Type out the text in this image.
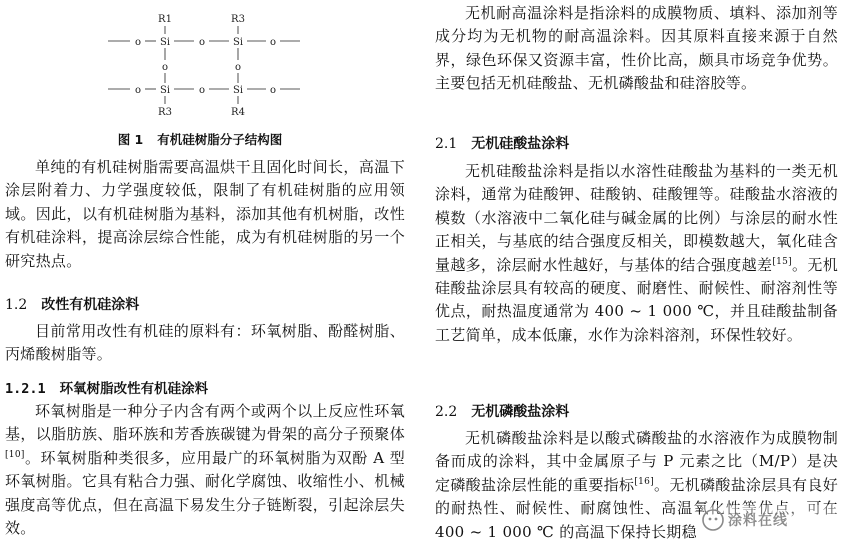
R1	R3
o Si	o	Si	o
o	o
o Si	o	Si	o
R3	R4
图 1 有机硅树脂分子结构图

单纯的有机硅树脂需要高温烘干且固化时间长，高温下涂层附着力、力学强度较低，限制了有机硅树脂的应用领域。因此，以有机硅树脂为基料，添加其他有机树脂，改性有机硅涂料，提高涂层综合性能，成为有机硅树脂的另一个研究热点。

1.2 改性有机硅涂料

目前常用改性有机硅的原料有：环氧树脂、酚醛树脂、丙烯酸树脂等。

1.2.1 环氧树脂改性有机硅涂料

环氧树脂是一种分子内含有两个或两个以上反应性环氧基，以脂肪族、脂环族和芳香族碳键为骨架的高分子预聚体[10]。环氧树脂种类很多，应用最广的环氧树脂为双酚 A 型环氧树脂。它具有粘合力强、耐化学腐蚀、收缩性小、机械强度高等优点，但在高温下易发生分子链断裂，引起涂层失效。

无机耐高温涂料是指涂料的成膜物质、填料、添加剂等成分均为无机物的耐高温涂料。因其原料直接来源于自然界，绿色环保又资源丰富，性价比高，颇具市场竞争优势。主要包括无机硅酸盐、无机磷酸盐和硅溶胶等。

2.1 无机硅酸盐涂料

无机硅酸盐涂料是指以水溶性硅酸盐为基料的一类无机涂料，通常为硅酸钾、硅酸钠、硅酸锂等。硅酸盐水溶液的模数（水溶液中二氧化硅与碱金属的比例）与涂层的耐水性正相关，与基底的结合强度反相关，即模数越大，氧化硅含量越多，涂层耐水性越好，与基体的结合强度越差[15]。无机硅酸盐涂层具有较高的硬度、耐磨性、耐候性、耐溶剂性等优点，耐热温度通常为 400 ~ 1 000 ℃，并且硅酸盐制备工艺简单，成本低廉，水作为涂料溶剂，环保性较好。

2.2 无机磷酸盐涂料

无机磷酸盐涂料是以酸式磷酸盐的水溶液作为成膜物制备而成的涂料，其中金属原子与 P 元素之比（M/P）是决定磷酸盐涂层性能的重要指标[16]。无机磷酸盐涂层具有良好的耐热性、耐候性、耐腐蚀性、高温氧化性等优点，可在 400 ~ 1 000 ℃ 的高温下保持长期稳

涂料在线
